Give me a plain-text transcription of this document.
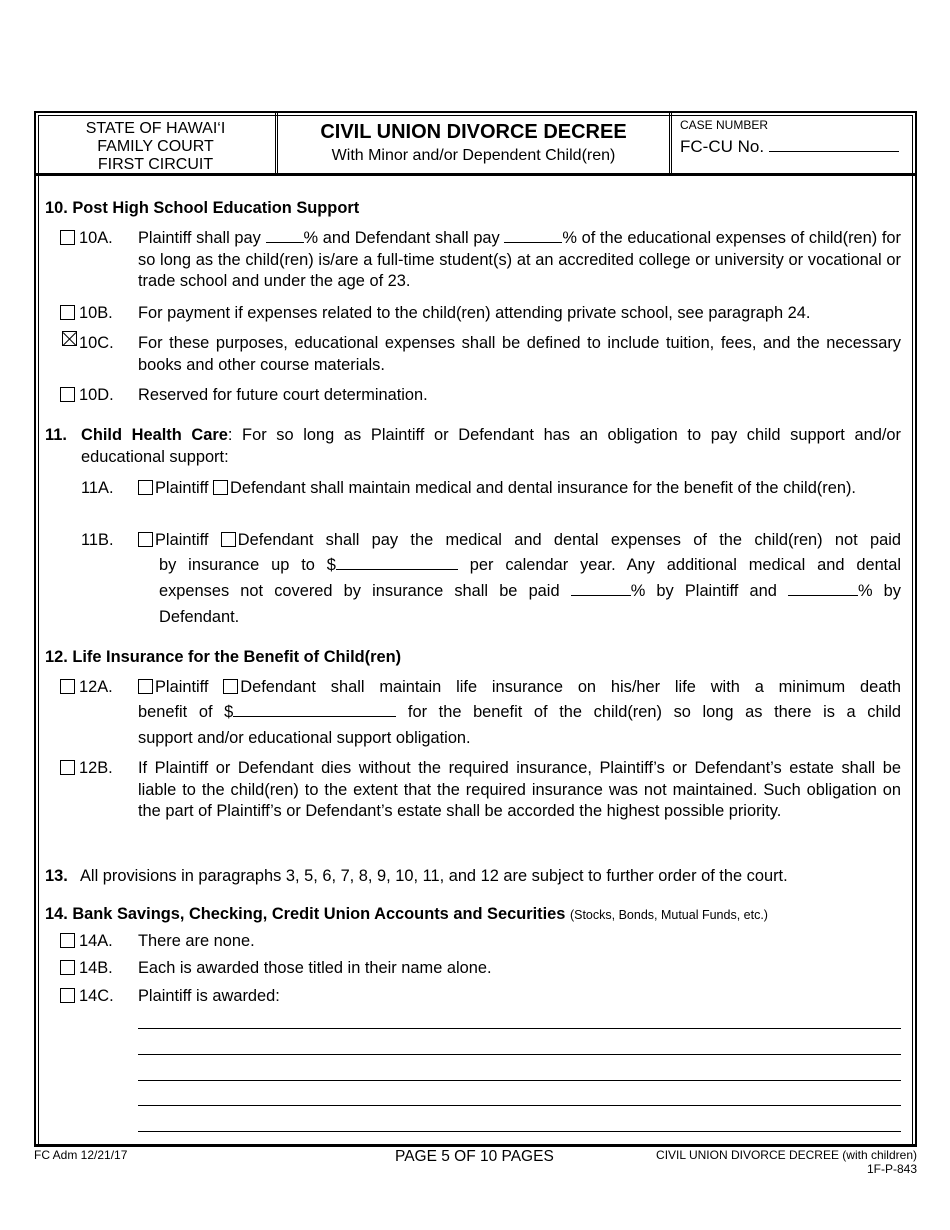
STATE OF HAWAI‘I
FAMILY COURT
FIRST CIRCUIT
CIVIL UNION DIVORCE DECREE
With Minor and/or Dependent Child(ren)
CASE NUMBER
FC-CU No.
10. Post High School Education Support
10A. Plaintiff shall pay % and Defendant shall pay	% of the educational expenses of child(ren) for so long as the child(ren) is/are a full-time student(s) at an accredited college or university or vocational or trade school and under the age of 23.
10B. For payment if expenses related to the child(ren) attending private school, see paragraph 24.
10C. For these purposes, educational expenses shall be defined to include tuition, fees, and the necessary books and other course materials.
10D. Reserved for future court determination.
11. Child Health Care: For so long as Plaintiff or Defendant has an obligation to pay child support and/or educational support:
11A.	Plaintiff Defendant shall maintain medical and dental insurance for the benefit of the child(ren).
11B.	Plaintiff Defendant shall pay the medical and dental expenses of the child(ren) not paid
by insurance up to $	per calendar year. Any additional medical and dental
expenses not covered by insurance shall be paid	% by Plaintiff and	% by
Defendant.
12. Life Insurance for the Benefit of Child(ren)
12A.	Plaintiff Defendant shall maintain life insurance on his/her life with a minimum death
benefit of $	for the benefit of the child(ren) so long as there is a child
support and/or educational support obligation.
12B. If Plaintiff or Defendant dies without the required insurance, Plaintiff’s or Defendant’s estate shall be liable to the child(ren) to the extent that the required insurance was not maintained. Such obligation on the part of Plaintiff’s or Defendant’s estate shall be accorded the highest possible priority.
13. All provisions in paragraphs 3, 5, 6, 7, 8, 9, 10, 11, and 12 are subject to further order of the court.
14. Bank Savings, Checking, Credit Union Accounts and Securities (Stocks, Bonds, Mutual Funds, etc.)
14A. There are none.
14B. Each is awarded those titled in their name alone.
14C. Plaintiff is awarded:
FC Adm 12/21/17	PAGE 5 OF 10 PAGES	CIVIL UNION DIVORCE DECREE (with children)
1F-P-843
